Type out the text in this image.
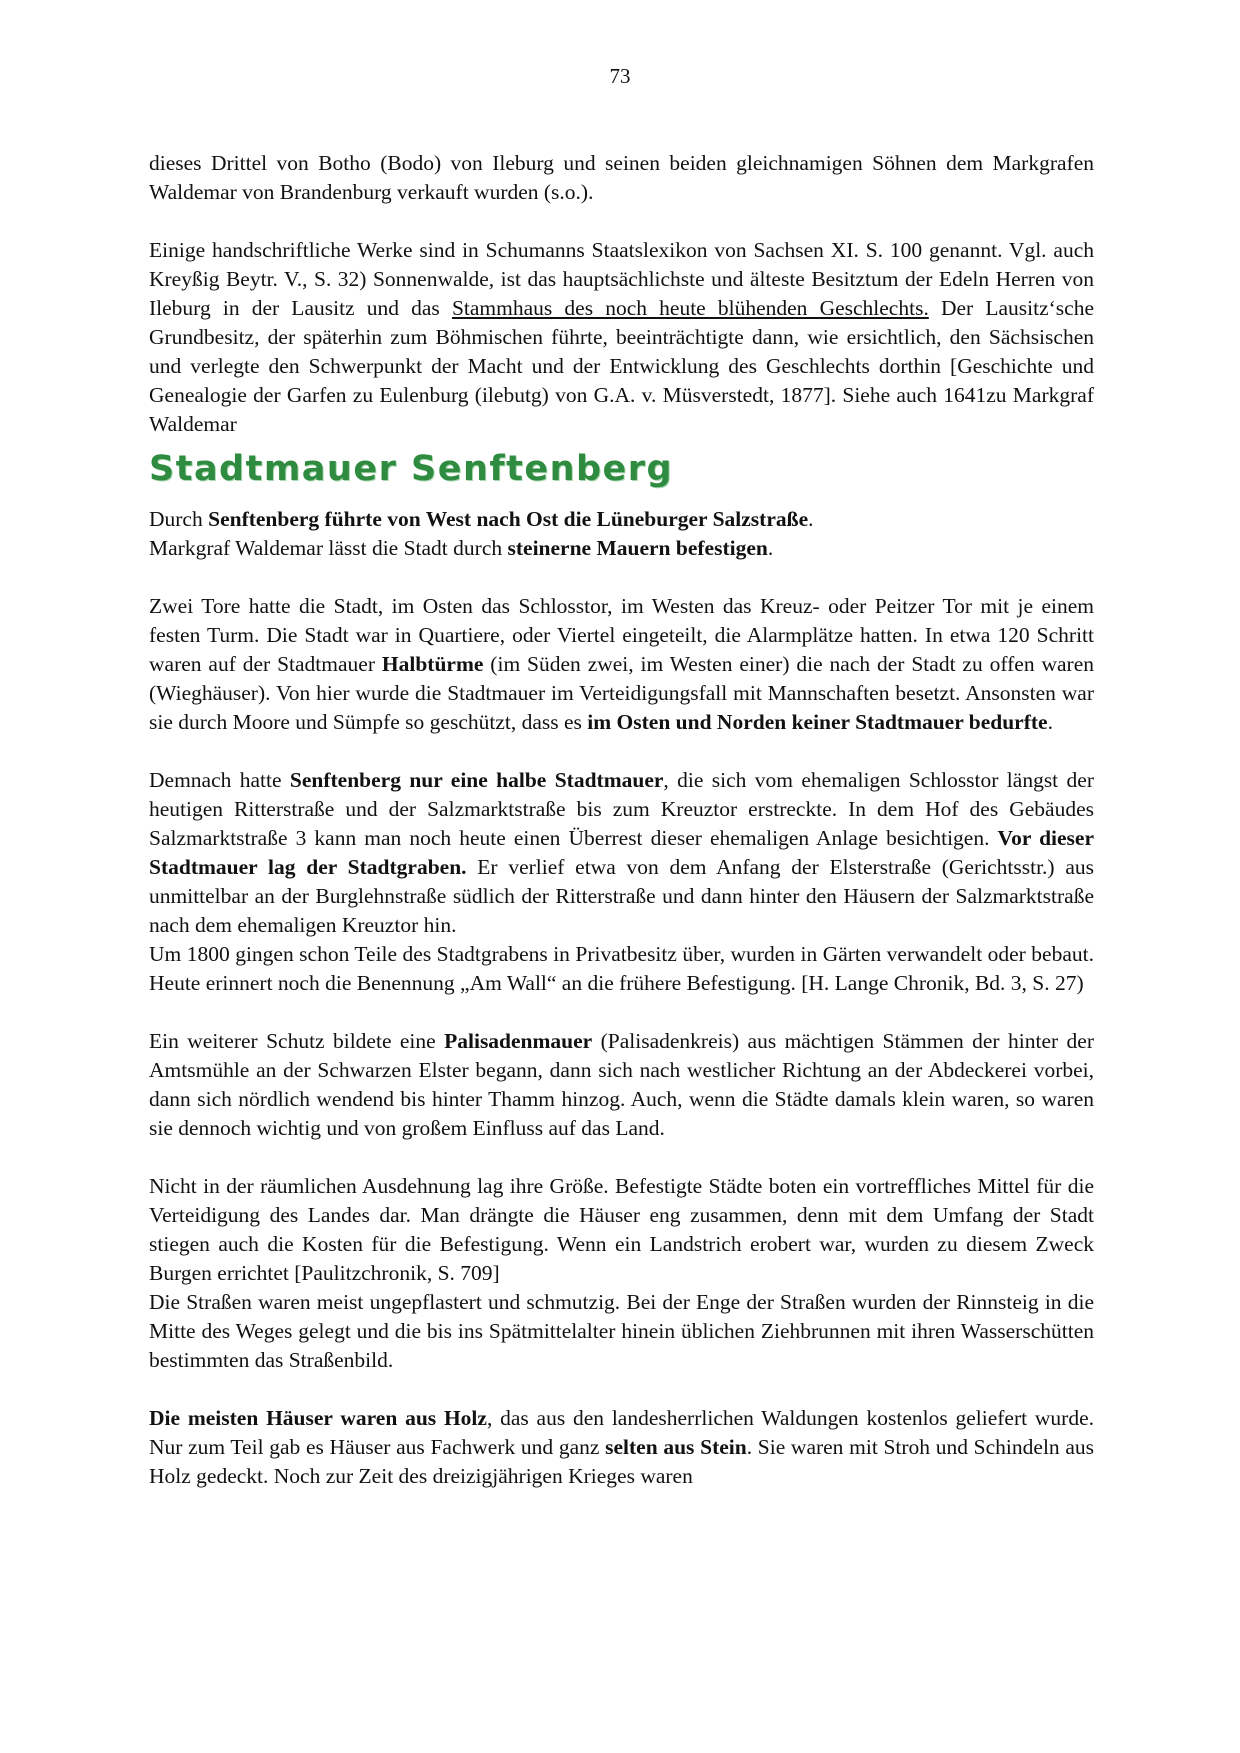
73

dieses Drittel von Botho (Bodo) von Ileburg und seinen beiden gleichnamigen Söhnen dem Markgrafen Waldemar von Brandenburg verkauft wurden (s.o.).

Einige handschriftliche Werke sind in Schumanns Staatslexikon von Sachsen XI. S. 100 genannt. Vgl. auch Kreyßig Beytr. V., S. 32) Sonnenwalde, ist das hauptsächlichste und älteste Besitztum der Edeln Herren von Ileburg in der Lausitz und das Stammhaus des noch heute blühenden Geschlechts. Der Lausitz‘sche Grundbesitz, der späterhin zum Böhmischen führte, beeinträchtigte dann, wie ersichtlich, den Sächsischen und verlegte den Schwerpunkt der Macht und der Entwicklung des Geschlechts dorthin [Geschichte und Genealogie der Garfen zu Eulenburg (ilebutg) von G.A. v. Müsverstedt, 1877]. Siehe auch 1641zu Markgraf Waldemar

Stadtmauer Senftenberg

Durch Senftenberg führte von West nach Ost die Lüneburger Salzstraße.

Markgraf Waldemar lässt die Stadt durch steinerne Mauern befestigen.

Zwei Tore hatte die Stadt, im Osten das Schlosstor, im Westen das Kreuz- oder Peitzer Tor mit je einem festen Turm. Die Stadt war in Quartiere, oder Viertel eingeteilt, die Alarmplätze hatten. In etwa 120 Schritt waren auf der Stadtmauer Halbtürme (im Süden zwei, im Westen einer) die nach der Stadt zu offen waren (Wieghäuser). Von hier wurde die Stadtmauer im Verteidigungsfall mit Mannschaften besetzt. Ansonsten war sie durch Moore und Sümpfe so geschützt, dass es im Osten und Norden keiner Stadtmauer bedurfte.

Demnach hatte Senftenberg nur eine halbe Stadtmauer, die sich vom ehemaligen Schlosstor längst der heutigen Ritterstraße und der Salzmarktstraße bis zum Kreuztor erstreckte. In dem Hof des Gebäudes Salzmarktstraße 3 kann man noch heute einen Überrest dieser ehemaligen Anlage besichtigen. Vor dieser Stadtmauer lag der Stadtgraben. Er verlief etwa von dem Anfang der Elsterstraße (Gerichtsstr.) aus unmittelbar an der Burglehnstraße südlich der Ritterstraße und dann hinter den Häusern der Salzmarktstraße nach dem ehemaligen Kreuztor hin.

Um 1800 gingen schon Teile des Stadtgrabens in Privatbesitz über, wurden in Gärten verwandelt oder bebaut. Heute erinnert noch die Benennung „Am Wall“ an die frühere Befestigung. [H. Lange Chronik, Bd. 3, S. 27)

Ein weiterer Schutz bildete eine Palisadenmauer (Palisadenkreis) aus mächtigen Stämmen der hinter der Amtsmühle an der Schwarzen Elster begann, dann sich nach westlicher Richtung an der Abdeckerei vorbei, dann sich nördlich wendend bis hinter Thamm hinzog. Auch, wenn die Städte damals klein waren, so waren sie dennoch wichtig und von großem Einfluss auf das Land.

Nicht in der räumlichen Ausdehnung lag ihre Größe. Befestigte Städte boten ein vortreffliches Mittel für die Verteidigung des Landes dar. Man drängte die Häuser eng zusammen, denn mit dem Umfang der Stadt stiegen auch die Kosten für die Befestigung. Wenn ein Landstrich erobert war, wurden zu diesem Zweck Burgen errichtet [Paulitzchronik, S. 709]

Die Straßen waren meist ungepflastert und schmutzig. Bei der Enge der Straßen wurden der Rinnsteig in die Mitte des Weges gelegt und die bis ins Spätmittelalter hinein üblichen Ziehbrunnen mit ihren Wasserschütten bestimmten das Straßenbild.

Die meisten Häuser waren aus Holz, das aus den landesherrlichen Waldungen kostenlos geliefert wurde. Nur zum Teil gab es Häuser aus Fachwerk und ganz selten aus Stein. Sie waren mit Stroh und Schindeln aus Holz gedeckt. Noch zur Zeit des dreizigjährigen Krieges waren
